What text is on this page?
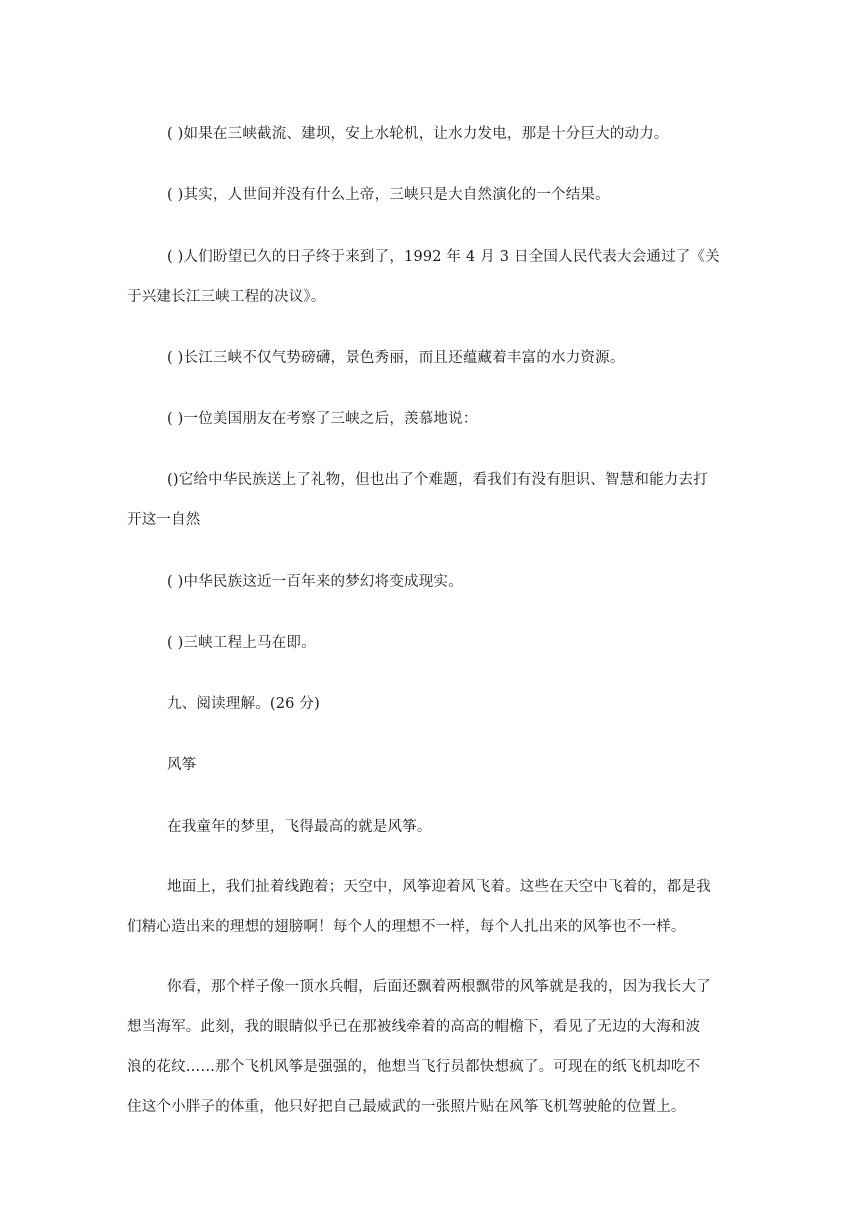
( )如果在三峡截流、建坝，安上水轮机，让水力发电，那是十分巨大的动力。
( )其实，人世间并没有什么上帝，三峡只是大自然演化的一个结果。
( )人们盼望已久的日子终于来到了，1992 年 4 月 3 日全国人民代表大会通过了《关
于兴建长江三峡工程的决议》。
( )长江三峡不仅气势磅礴，景色秀丽，而且还蕴藏着丰富的水力资源。
( )一位美国朋友在考察了三峡之后，羡慕地说：
()它给中华民族送上了礼物，但也出了个难题，看我们有没有胆识、智慧和能力去打
开这一自然
( )中华民族这近一百年来的梦幻将变成现实。
( )三峡工程上马在即。
九、阅读理解。(26 分)
风筝
在我童年的梦里，飞得最高的就是风筝。
地面上，我们扯着线跑着；天空中，风筝迎着风飞着。这些在天空中飞着的，都是我
们精心造出来的理想的翅膀啊！每个人的理想不一样，每个人扎出来的风筝也不一样。
你看，那个样子像一顶水兵帽，后面还飘着两根飘带的风筝就是我的，因为我长大了
想当海军。此刻，我的眼睛似乎已在那被线牵着的高高的帽檐下，看见了无边的大海和波
浪的花纹……那个飞机风筝是强强的，他想当飞行员都快想疯了。可现在的纸飞机却吃不
住这个小胖子的体重，他只好把自己最威武的一张照片贴在风筝飞机驾驶舱的位置上。
